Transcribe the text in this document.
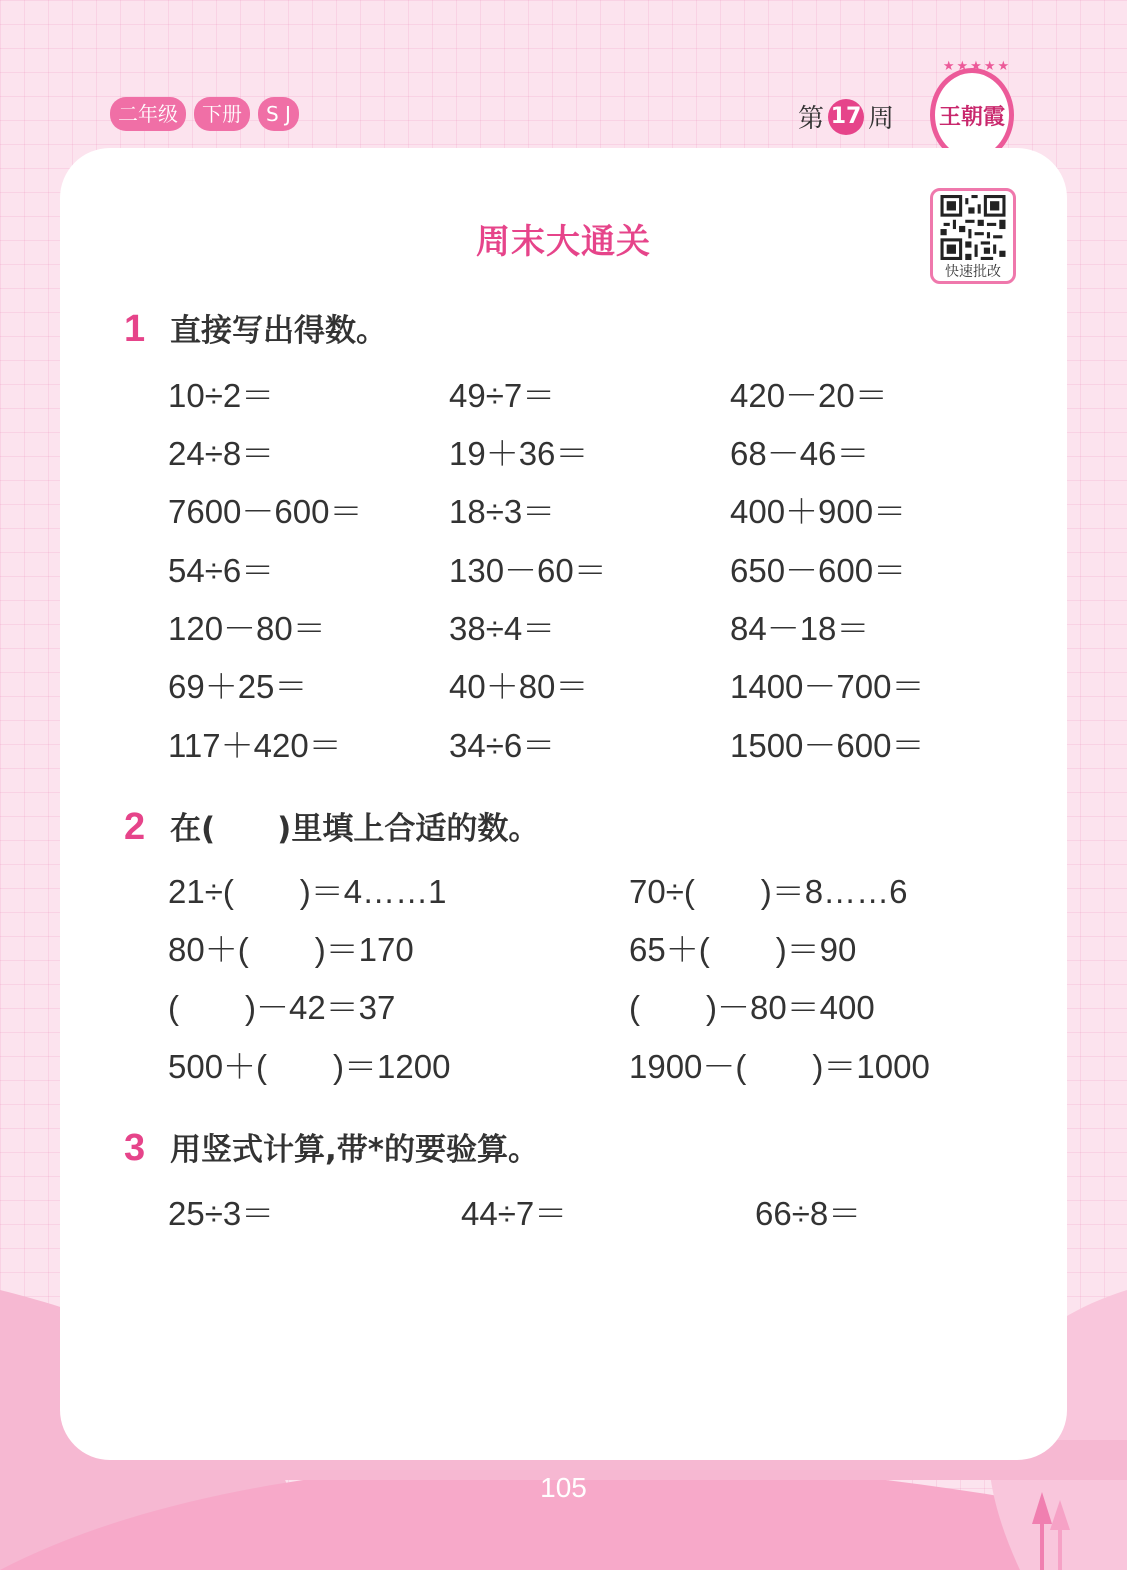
二年级	下册	S J	第 17 周
★★★★★
王朝霞
周末大通关
快速批改
1 直接写出得数。
10÷2＝	49÷7＝	420－20＝
24÷8＝	19＋36＝	68－46＝
7600－600＝	18÷3＝	400＋900＝
54÷6＝	130－60＝	650－600＝
120－80＝	38÷4＝	84－18＝
69＋25＝	40＋80＝	1400－700＝
117＋420＝	34÷6＝	1500－600＝
2 在(　　)里填上合适的数。
21÷(　　)＝4……1	70÷(　　)＝8……6
80＋(　　)＝170	65＋(　　)＝90
(　　)－42＝37	(　　)－80＝400
500＋(　　)＝1200	1900－(　　)＝1000
3 用竖式计算,带*的要验算。
25÷3＝	44÷7＝	66÷8＝
105
